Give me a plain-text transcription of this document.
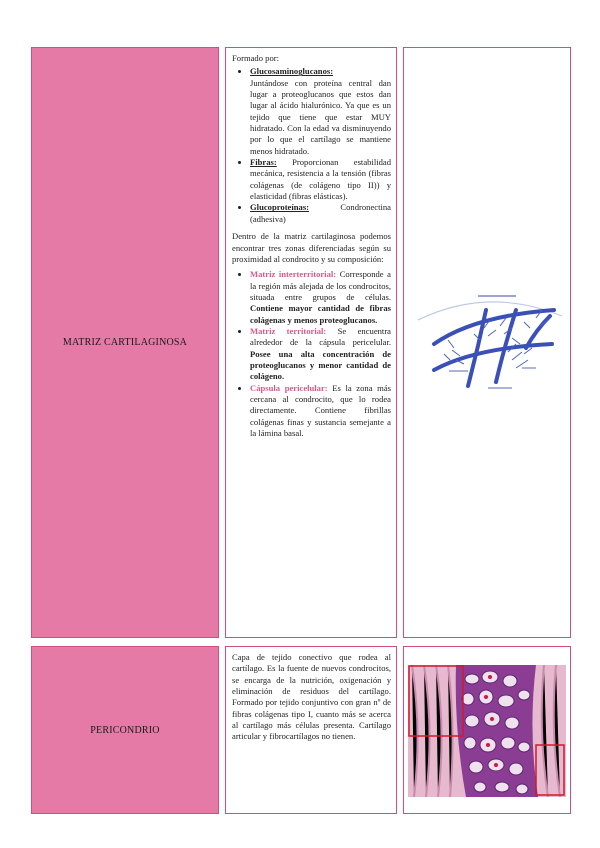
MATRIZ CARTILAGINOSA

Formado por:

• Glucosaminoglucanos:
Juntándose con proteína central dan lugar a proteoglucanos que estos dan lugar al ácido hialurónico. Ya que es un tejido que tiene que estar MUY hidratado. Con la edad va disminuyendo por lo que el cartílago se mantiene menos hidratado.
• Fibras: Proporcionan estabilidad mecánica, resistencia a la tensión (fibras colágenas (de colágeno tipo II)) y elasticidad (fibras elásticas).
• Glucoproteínas: Condronectina (adhesiva)

Dentro de la matriz cartilaginosa podemos encontrar tres zonas diferenciadas según su proximidad al condrocito y su composición:

• Matriz interterritorial: Corresponde a la región más alejada de los condrocitos, situada entre grupos de células. Contiene mayor cantidad de fibras colágenas y menos proteoglucanos.
• Matriz territorial: Se encuentra alrededor de la cápsula pericelular. Posee una alta concentración de proteoglucanos y menor cantidad de colágeno.
• Cápsula pericelular: Es la zona más cercana al condrocito, que lo rodea directamente. Contiene fibrillas colágenas finas y sustancia semejante a la lámina basal.
PERICONDRIO

Capa de tejido conectivo que rodea al cartílago. Es la fuente de nuevos condrocitos, se encarga de la nutrición, oxigenación y eliminación de residuos del cartílago. Formado por tejido conjuntivo con gran nº de fibras colágenas tipo I, cuanto más se acerca al cartílago más células presenta. Cartílago articular y fibrocartílagos no tienen.
